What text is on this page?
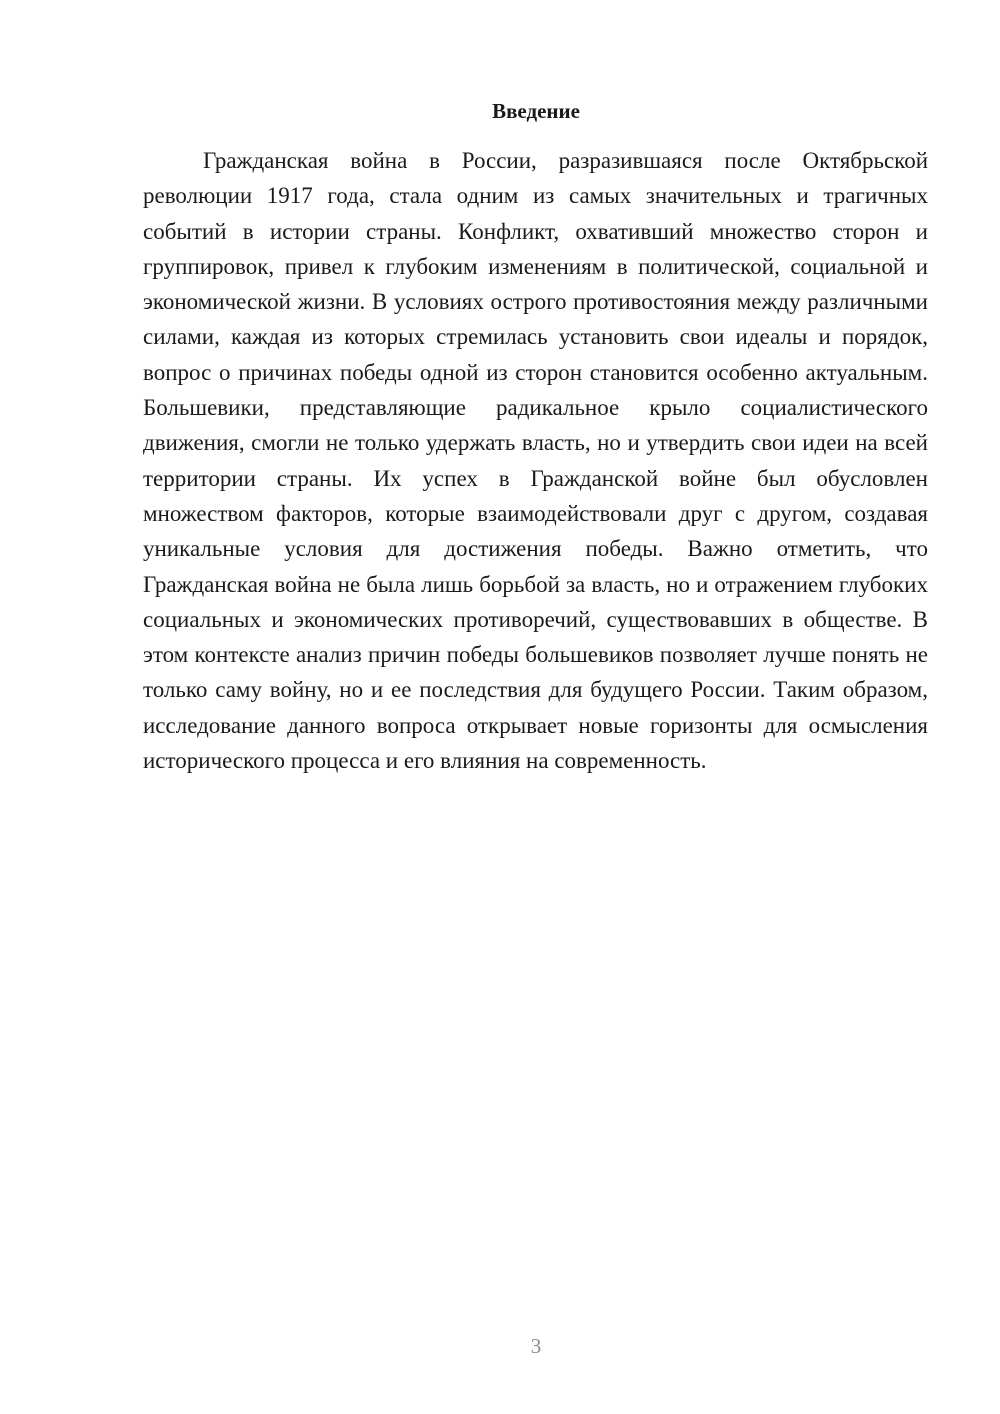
Введение

Гражданская война в России, разразившаяся после Октябрьской революции 1917 года, стала одним из самых значительных и трагичных событий в истории страны. Конфликт, охвативший множество сторон и группировок, привел к глубоким изменениям в политической, социальной и экономической жизни. В условиях острого противостояния между различными силами, каждая из которых стремилась установить свои идеалы и порядок, вопрос о причинах победы одной из сторон становится особенно актуальным. Большевики, представляющие радикальное крыло социалистического движения, смогли не только удержать власть, но и утвердить свои идеи на всей территории страны. Их успех в Гражданской войне был обусловлен множеством факторов, которые взаимодействовали друг с другом, создавая уникальные условия для достижения победы. Важно отметить, что Гражданская война не была лишь борьбой за власть, но и отражением глубоких социальных и экономических противоречий, существовавших в обществе. В этом контексте анализ причин победы большевиков позволяет лучше понять не только саму войну, но и ее последствия для будущего России. Таким образом, исследование данного вопроса открывает новые горизонты для осмысления исторического процесса и его влияния на современность.

3
